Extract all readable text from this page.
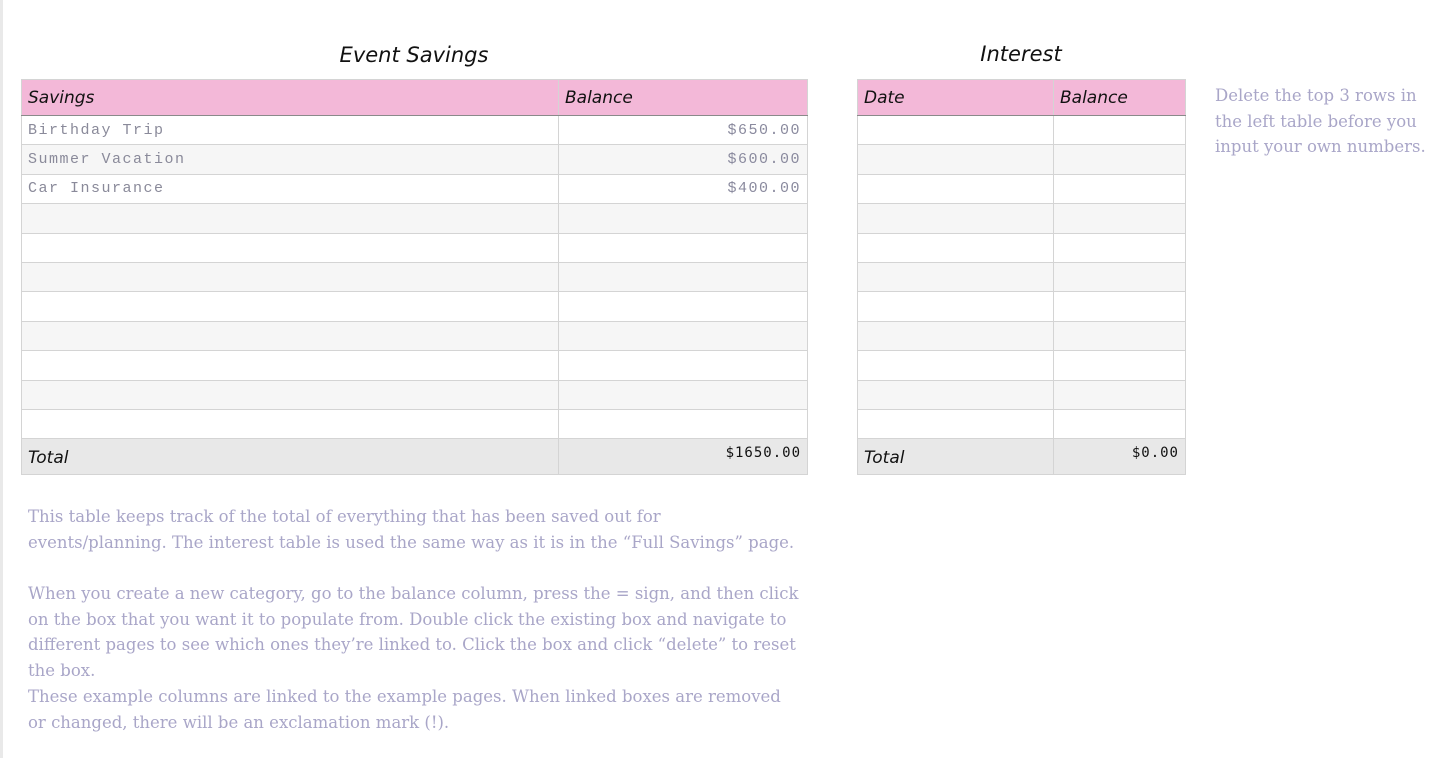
Event Savings
Savings	Balance
Birthday Trip	$650.00
Summer Vacation	$600.00
Car Insurance	$400.00

Total	$1650.00
Interest
Date	Balance

Total	$0.00

Delete the top 3 rows in the left table before you input your own numbers.

This table keeps track of the total of everything that has been saved out for events/planning. The interest table is used the same way as it is in the “Full Savings” page.

When you create a new category, go to the balance column, press the = sign, and then click on the box that you want it to populate from. Double click the existing box and navigate to different pages to see which ones they’re linked to. Click the box and click “delete” to reset the box.

These example columns are linked to the example pages. When linked boxes are removed or changed, there will be an exclamation mark (!).
